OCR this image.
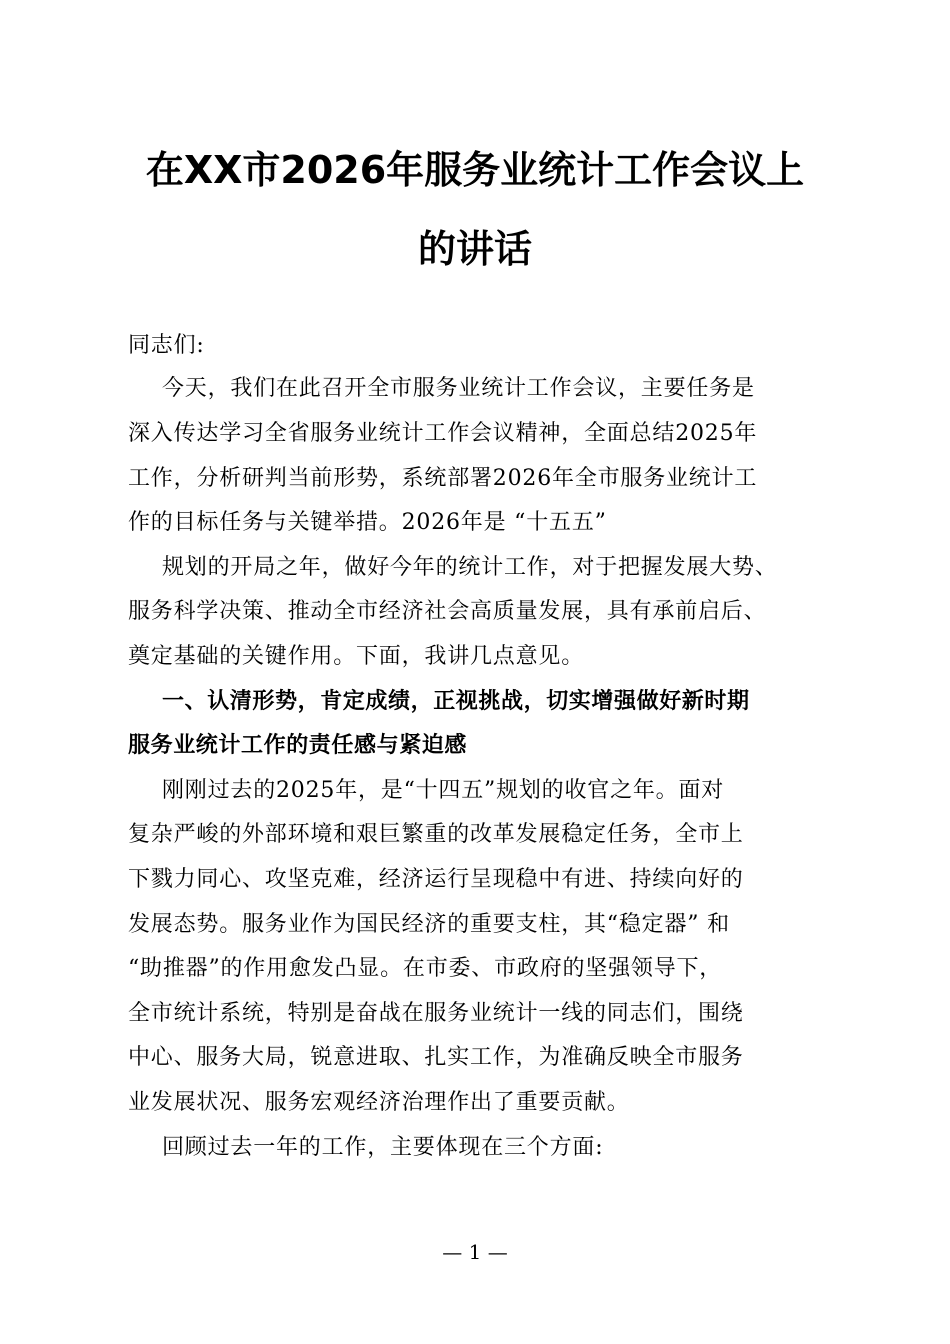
在XX市2026年服务业统计工作会议上
的讲话

同志们:

今天，我们在此召开全市服务业统计工作会议，主要任务是

深入传达学习全省服务业统计工作会议精神，全面总结2025年

工作，分析研判当前形势，系统部署2026年全市服务业统计工

作的目标任务与关键举措。2026年是 “十五五”

规划的开局之年，做好今年的统计工作，对于把握发展大势、

服务科学决策、推动全市经济社会高质量发展，具有承前启后、

奠定基础的关键作用。下面，我讲几点意见。

一、认清形势，肯定成绩，正视挑战，切实增强做好新时期

服务业统计工作的责任感与紧迫感

刚刚过去的2025年，是“十四五”规划的收官之年。面对

复杂严峻的外部环境和艰巨繁重的改革发展稳定任务，全市上

下戮力同心、攻坚克难，经济运行呈现稳中有进、持续向好的

发展态势。服务业作为国民经济的重要支柱，其“稳定器” 和

“助推器”的作用愈发凸显。在市委、市政府的坚强领导下，

全市统计系统，特别是奋战在服务业统计一线的同志们，围绕

中心、服务大局，锐意进取、扎实工作，为准确反映全市服务

业发展状况、服务宏观经济治理作出了重要贡献。

回顾过去一年的工作，主要体现在三个方面:

— 1 —
